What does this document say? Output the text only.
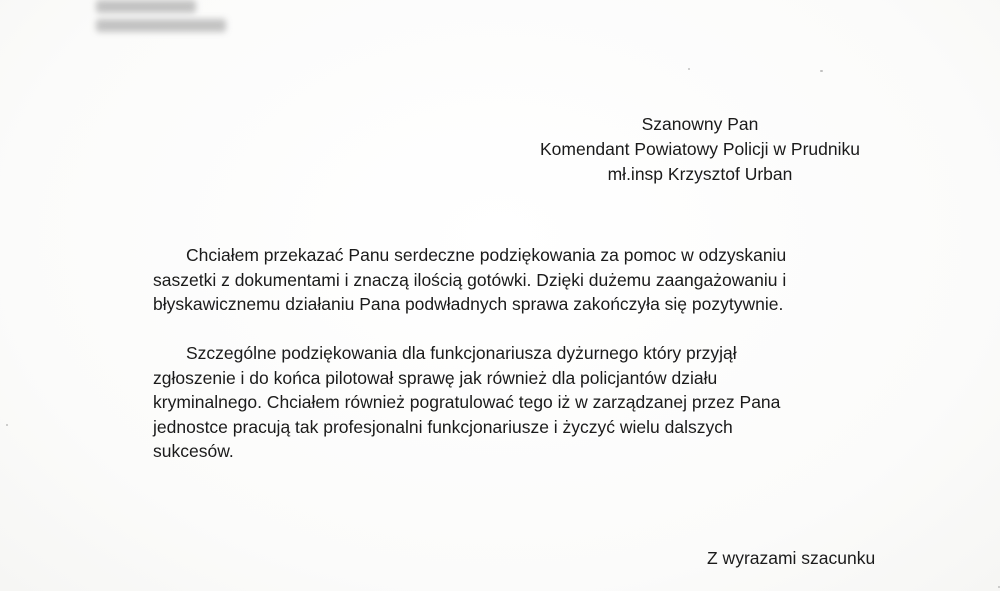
Szanowny Pan
Komendant Powiatowy Policji w Prudniku
mł.insp Krzysztof Urban
Chciałem przekazać Panu serdeczne podziękowania za pomoc w odzyskaniu
saszetki z dokumentami i znaczą ilością gotówki. Dzięki dużemu zaangażowaniu i
błyskawicznemu działaniu Pana podwładnych sprawa zakończyła się pozytywnie.
Szczególne podziękowania dla funkcjonariusza dyżurnego który przyjął
zgłoszenie i do końca pilotował sprawę jak również dla policjantów działu
kryminalnego. Chciałem również pogratulować tego iż w zarządzanej przez Pana
jednostce pracują tak profesjonalni funkcjonariusze i życzyć wielu dalszych
sukcesów.
Z wyrazami szacunku
